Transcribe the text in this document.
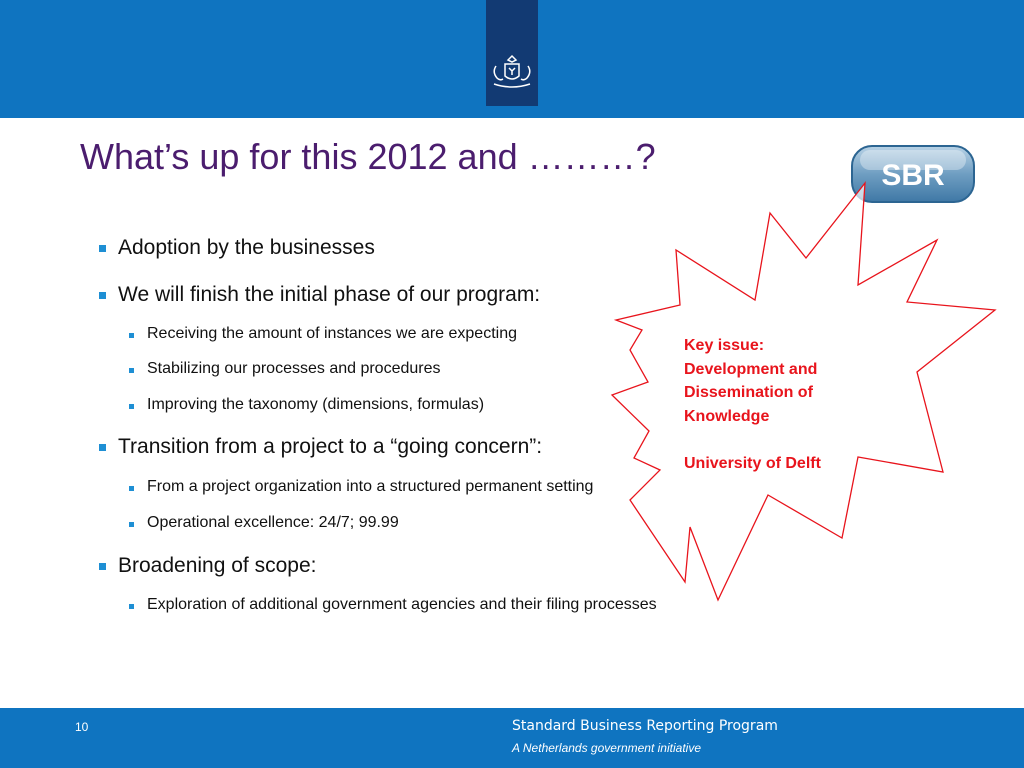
What’s up for this 2012 and ………?	SBR
Adoption by the businesses
We will finish the initial phase of our program:
Receiving the amount of instances we are expecting
Stabilizing our processes and procedures
Improving the taxonomy (dimensions, formulas)
Transition from a project to a “going concern”:
From a project organization into a structured permanent setting
Operational excellence: 24/7; 99.99
Broadening of scope:
Exploration of additional government agencies and their filing processes
Key issue:
Development and
Dissemination of
Knowledge
University of Delft
10	Standard Business Reporting Program
A Netherlands government initiative
